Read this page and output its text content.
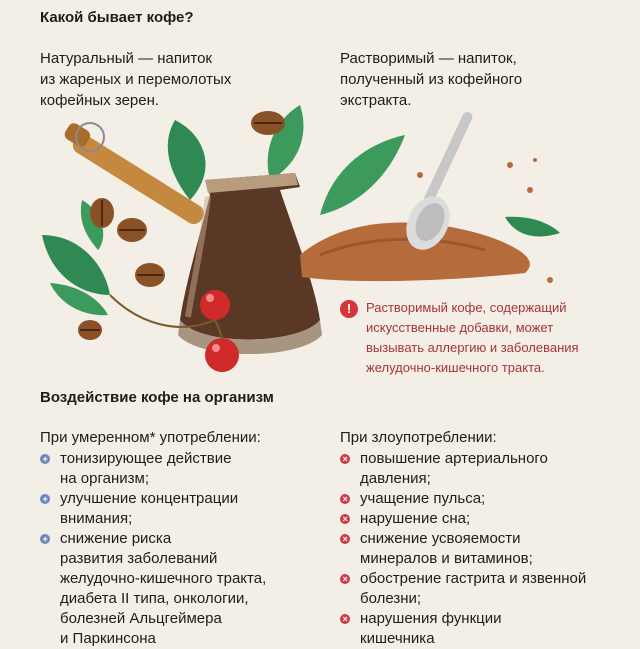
Какой бывает кофе?

Натуральный — напиток
из жареных и перемолотых
кофейных зерен.

Растворимый — напиток,
полученный из кофейного
экстракта.

!	Растворимый кофе, содержащий
искусственные добавки, может
вызывать аллергию и заболевания
желудочно-кишечного тракта.
Воздействие кофе на организм
При умеренном* употреблении:
+ тонизирующее действие
на организм;
+ улучшение концентрации
внимания;
+ снижение риска
развития заболеваний
желудочно-кишечного тракта,
диабета II типа, онкологии,
болезней Альцгеймера
и Паркинсона
При злоупотреблении:
× повышение артериального
давления;
× учащение пульса;
× нарушение сна;
× снижение усвояемости
минералов и витаминов;
× обострение гастрита и язвенной
болезни;
× нарушения функции
кишечника
